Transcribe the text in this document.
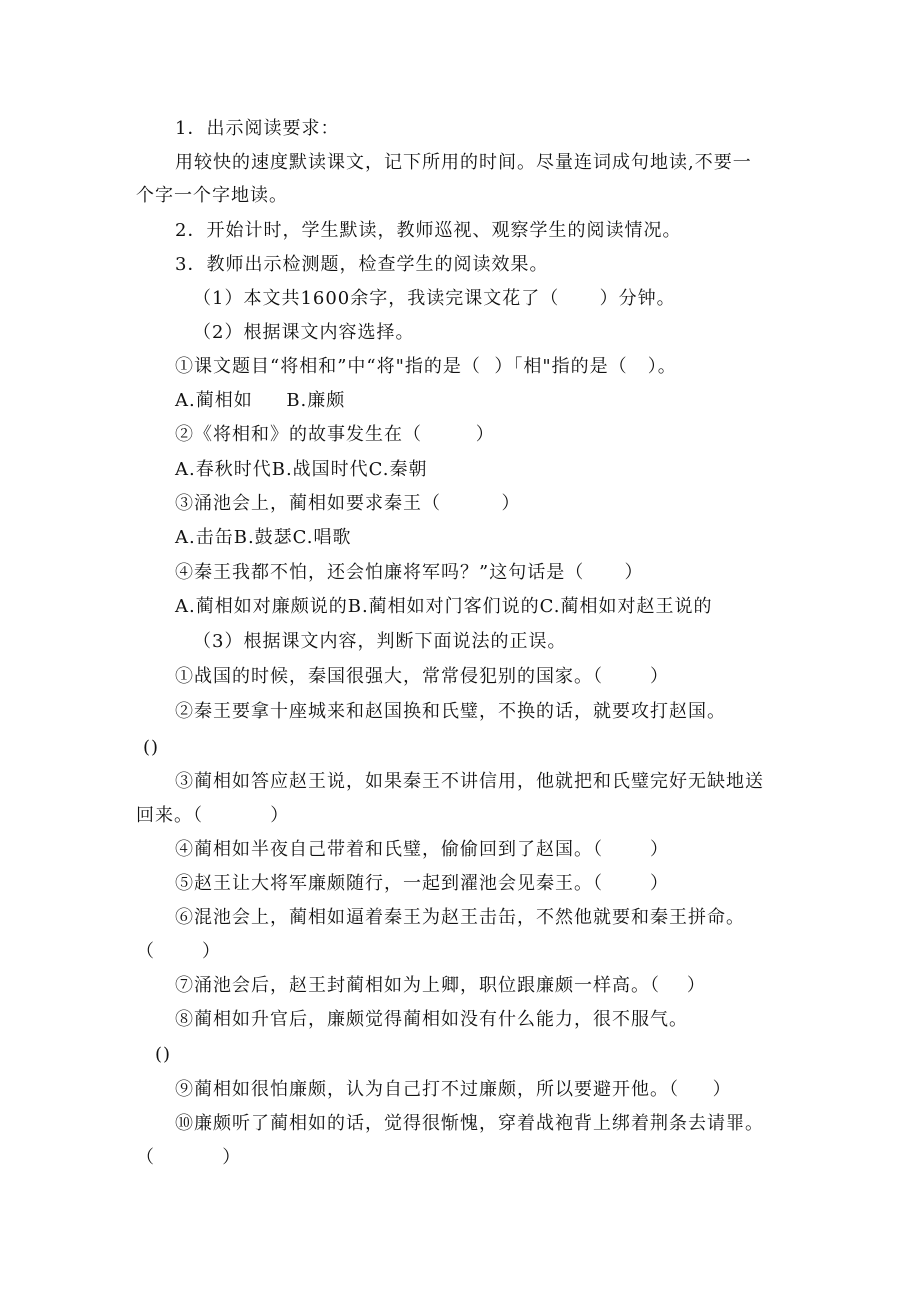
1．出示阅读要求：
用较快的速度默读课文，记下所用的时间。尽量连词成句地读,不要一
个字一个字地读。
2．开始计时，学生默读，教师巡视、观察学生的阅读情况。
3．教师出示检测题，检查学生的阅读效果。
（1）本文共1600余字，我读完课文花了（      ）分钟。
（2）根据课文内容选择。
①课文题目“将相和”中“将"指的是（  ）「相"指的是（   ）。
A.蔺相如     B.廉颇
②《将相和》的故事发生在（        ）
A.春秋时代B.战国时代C.秦朝
③涌池会上，蔺相如要求秦王（         ）
A.击缶B.鼓瑟C.唱歌
④秦王我都不怕，还会怕廉将军吗？”这句话是（      ）
A.蔺相如对廉颇说的B.蔺相如对门客们说的C.蔺相如对赵王说的
（3）根据课文内容，判断下面说法的正误。
①战国的时候，秦国很强大，常常侵犯别的国家。（       ）
②秦王要拿十座城来和赵国换和氏璧，不换的话，就要攻打赵国。
()
③蔺相如答应赵王说，如果秦王不讲信用，他就把和氏璧完好无缺地送
回来。（          ）
④蔺相如半夜自己带着和氏璧，偷偷回到了赵国。（       ）
⑤赵王让大将军廉颇随行，一起到濯池会见秦王。（       ）
⑥混池会上，蔺相如逼着秦王为赵王击缶，不然他就要和秦王拼命。
（       ）
⑦涌池会后，赵王封蔺相如为上卿，职位跟廉颇一样高。（    ）
⑧蔺相如升官后，廉颇觉得蔺相如没有什么能力，很不服气。
()
⑨蔺相如很怕廉颇，认为自己打不过廉颇，所以要避开他。（     ）
⑩廉颇听了蔺相如的话，觉得很惭愧，穿着战袍背上绑着荆条去请罪。
（          ）
